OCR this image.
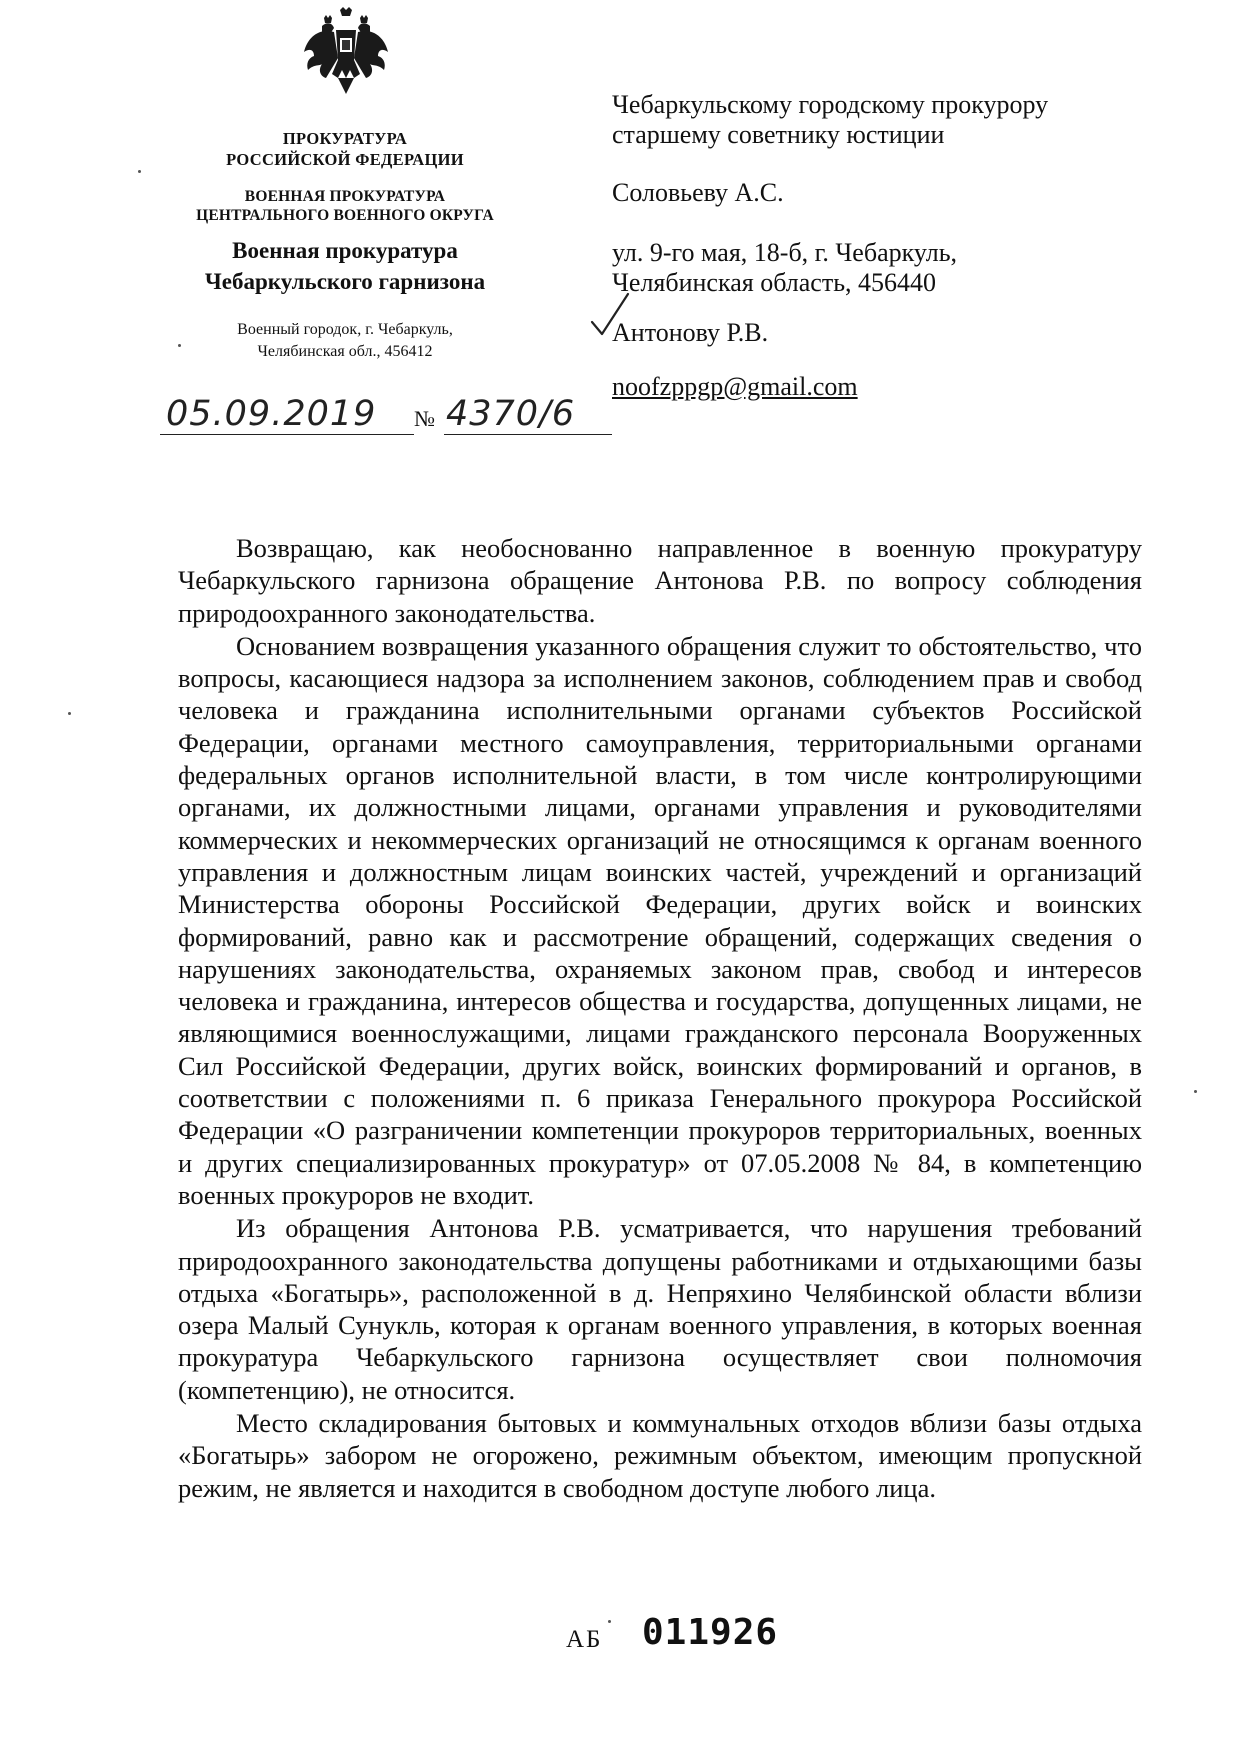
ПРОКУРАТУРА
РОССИЙСКОЙ ФЕДЕРАЦИИ
ВОЕННАЯ ПРОКУРАТУРА
ЦЕНТРАЛЬНОГО ВОЕННОГО ОКРУГА
Военная прокуратура
Чебаркульского гарнизона
Военный городок, г. Чебаркуль,
Челябинская обл., 456412
05.09.2019	№ 4370/6

Чебаркульскому городскому прокурору

старшему советнику юстиции

Соловьеву А.С.

ул. 9-го мая, 18-б, г. Чебаркуль,

Челябинская область, 456440

Антонову Р.В.
noofzppgp@gmail.com

Возвращаю, как необоснованно направленное в военную прокуратуру Чебаркульского гарнизона обращение Антонова Р.В. по вопросу соблюдения природоохранного законодательства.

Основанием возвращения указанного обращения служит то обстоятельство, что вопросы, касающиеся надзора за исполнением законов, соблюдением прав и свобод человека и гражданина исполнительными органами субъектов Российской Федерации, органами местного самоуправления, территориальными органами федеральных органов исполнительной власти, в том числе контролирующими органами, их должностными лицами, органами управления и руководителями коммерческих и некоммерческих организаций не относящимся к органам военного управления и должностным лицам воинских частей, учреждений и организаций Министерства обороны Российской Федерации, других войск и воинских формирований, равно как и рассмотрение обращений, содержащих сведения о нарушениях законодательства, охраняемых законом прав, свобод и интересов человека и гражданина, интересов общества и государства, допущенных лицами, не являющимися военнослужащими, лицами гражданского персонала Вооруженных Сил Российской Федерации, других войск, воинских формирований и органов, в соответствии с положениями п. 6 приказа Генерального прокурора Российской Федерации «О разграничении компетенции прокуроров территориальных, военных и других специализированных прокуратур» от 07.05.2008 № 84, в компетенцию военных прокуроров не входит.

Из обращения Антонова Р.В. усматривается, что нарушения требований природоохранного законодательства допущены работниками и отдыхающими базы отдыха «Богатырь», расположенной в д. Непряхино Челябинской области вблизи озера Малый Сунукль, которая к органам военного управления, в которых военная прокуратура Чебаркульского гарнизона осуществляет свои полномочия (компетенцию), не относится.

Место складирования бытовых и коммунальных отходов вблизи базы отдыха «Богатырь» забором не огорожено, режимным объектом, имеющим пропускной режим, не является и находится в свободном доступе любого лица.

АБ 011926
